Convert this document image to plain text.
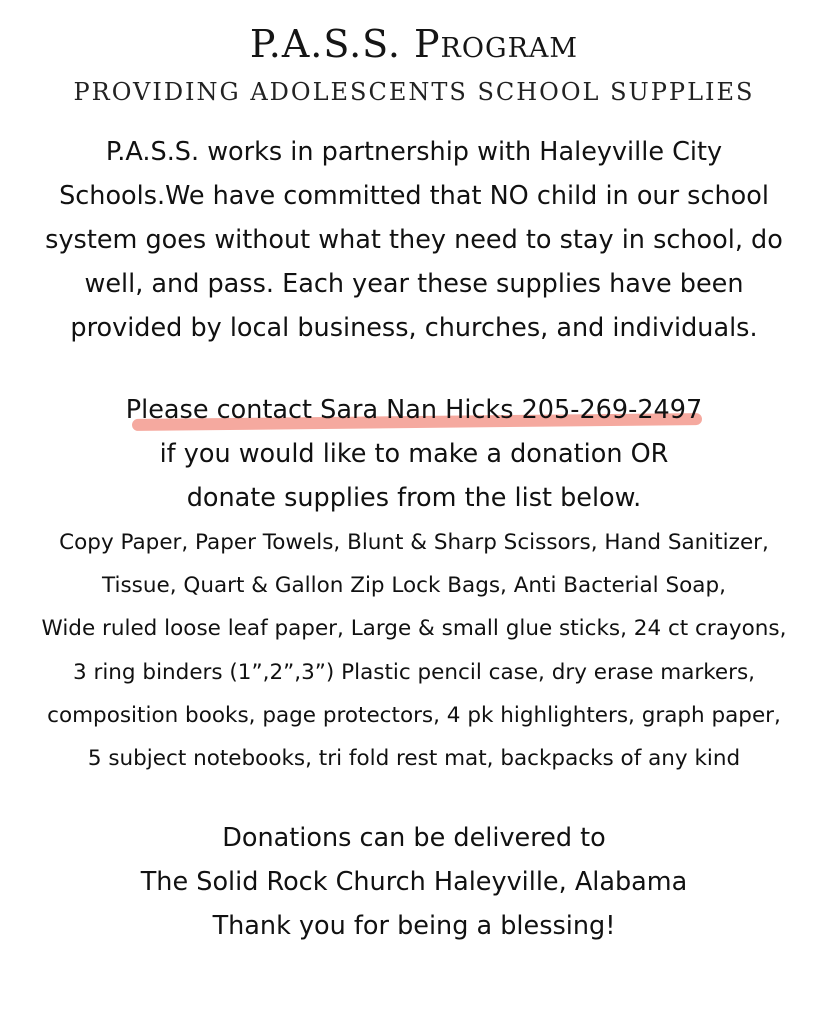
P.A.S.S. Program
PROVIDING ADOLESCENTS SCHOOL SUPPLIES
P.A.S.S. works in partnership with Haleyville City
Schools.We have committed that NO child in our school
system goes without what they need to stay in school, do
well, and pass. Each year these supplies have been
provided by local business, churches, and individuals.
Please contact Sara Nan Hicks 205-269-2497
if you would like to make a donation OR
donate supplies from the list below.
Copy Paper, Paper Towels, Blunt & Sharp Scissors, Hand Sanitizer,
Tissue, Quart & Gallon Zip Lock Bags, Anti Bacterial Soap,
Wide ruled loose leaf paper, Large & small glue sticks, 24 ct crayons,
3 ring binders (1”,2”,3”) Plastic pencil case, dry erase markers,
composition books, page protectors, 4 pk highlighters, graph paper,
5 subject notebooks, tri fold rest mat, backpacks of any kind
Donations can be delivered to
The Solid Rock Church Haleyville, Alabama
Thank you for being a blessing!
